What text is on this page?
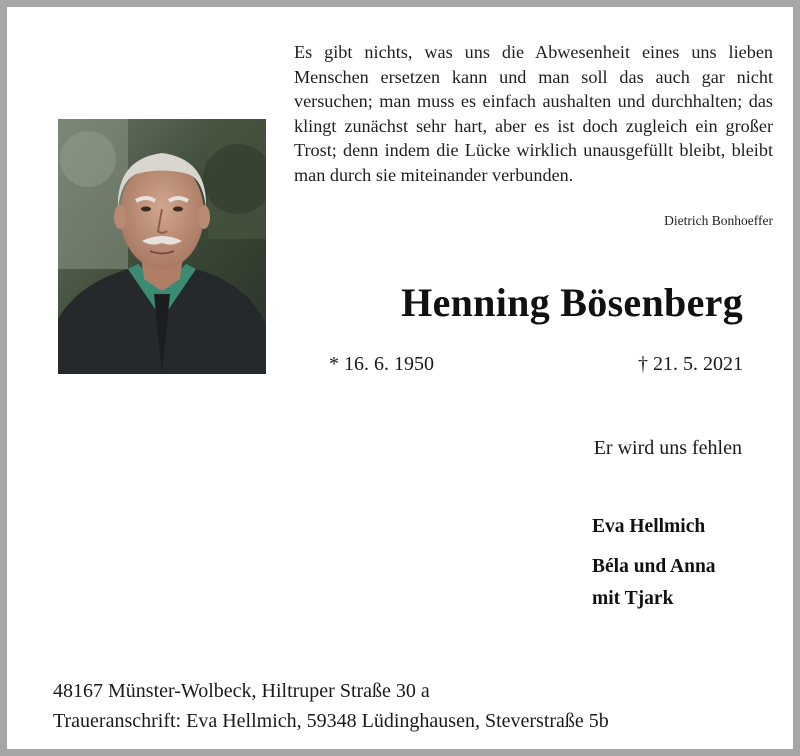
Es gibt nichts, was uns die Abwesenheit eines uns lieben Menschen ersetzen kann und man soll das auch gar nicht versuchen; man muss es einfach aushalten und durchhalten; das klingt zunächst sehr hart, aber es ist doch zugleich ein großer Trost; denn indem die Lücke wirklich unausgefüllt bleibt, bleibt man durch sie miteinander verbunden.
Dietrich Bonhoeffer
Henning Bösenberg
* 16. 6. 1950	† 21. 5. 2021
Er wird uns fehlen
Eva Hellmich
Béla und Anna
mit Tjark
48167 Münster-Wolbeck, Hiltruper Straße 30 a
Traueranschrift: Eva Hellmich, 59348 Lüdinghausen, Steverstraße 5b
